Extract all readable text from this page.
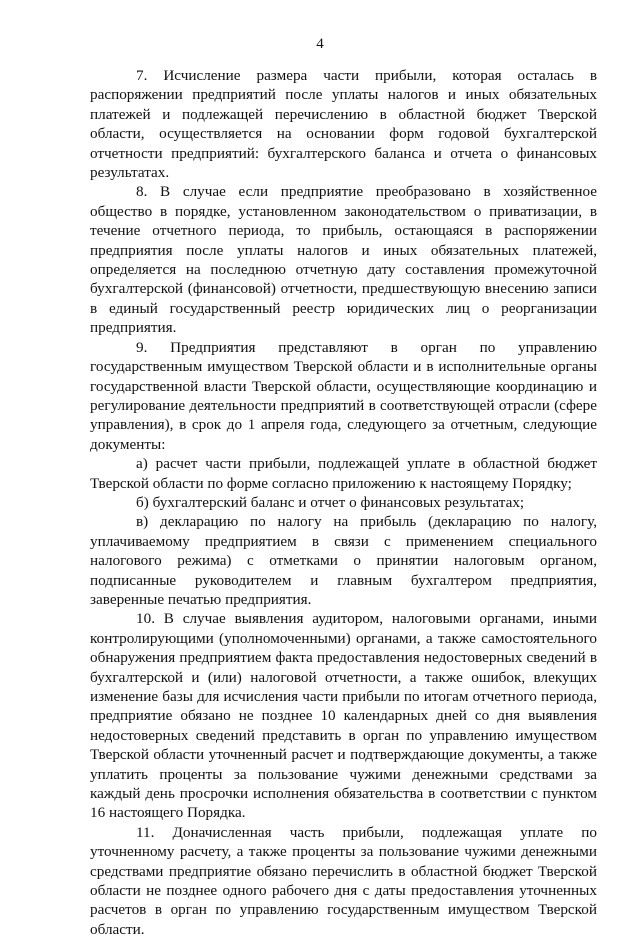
4

7. Исчисление размера части прибыли, которая осталась в распоряжении предприятий после уплаты налогов и иных обязательных платежей и подлежащей перечислению в областной бюджет Тверской области, осуществляется на основании форм годовой бухгалтерской отчетности предприятий: бухгалтерского баланса и отчета о финансовых результатах.

8. В случае если предприятие преобразовано в хозяйственное общество в порядке, установленном законодательством о приватизации, в течение отчетного периода, то прибыль, остающаяся в распоряжении предприятия после уплаты налогов и иных обязательных платежей, определяется на последнюю отчетную дату составления промежуточной бухгалтерской (финансовой) отчетности, предшествующую внесению записи в единый государственный реестр юридических лиц о реорганизации предприятия.

9. Предприятия представляют в орган по управлению государственным имуществом Тверской области и в исполнительные органы государственной власти Тверской области, осуществляющие координацию и регулирование деятельности предприятий в соответствующей отрасли (сфере управления), в срок до 1 апреля года, следующего за отчетным, следующие документы:

а) расчет части прибыли, подлежащей уплате в областной бюджет Тверской области по форме согласно приложению к настоящему Порядку;

б) бухгалтерский баланс и отчет о финансовых результатах;

в) декларацию по налогу на прибыль (декларацию по налогу, уплачиваемому предприятием в связи с применением специального налогового режима) с отметками о принятии налоговым органом, подписанные руководителем и главным бухгалтером предприятия, заверенные печатью предприятия.

10. В случае выявления аудитором, налоговыми органами, иными контролирующими (уполномоченными) органами, а также самостоятельного обнаружения предприятием факта предоставления недостоверных сведений в бухгалтерской и (или) налоговой отчетности, а также ошибок, влекущих изменение базы для исчисления части прибыли по итогам отчетного периода, предприятие обязано не позднее 10 календарных дней со дня выявления недостоверных сведений представить в орган по управлению имуществом Тверской области уточненный расчет и подтверждающие документы, а также уплатить проценты за пользование чужими денежными средствами за каждый день просрочки исполнения обязательства в соответствии с пунктом 16 настоящего Порядка.

11. Доначисленная часть прибыли, подлежащая уплате по уточненному расчету, а также проценты за пользование чужими денежными средствами предприятие обязано перечислить в областной бюджет Тверской области не позднее одного рабочего дня с даты предоставления уточненных расчетов в орган по управлению государственным имуществом Тверской области.
